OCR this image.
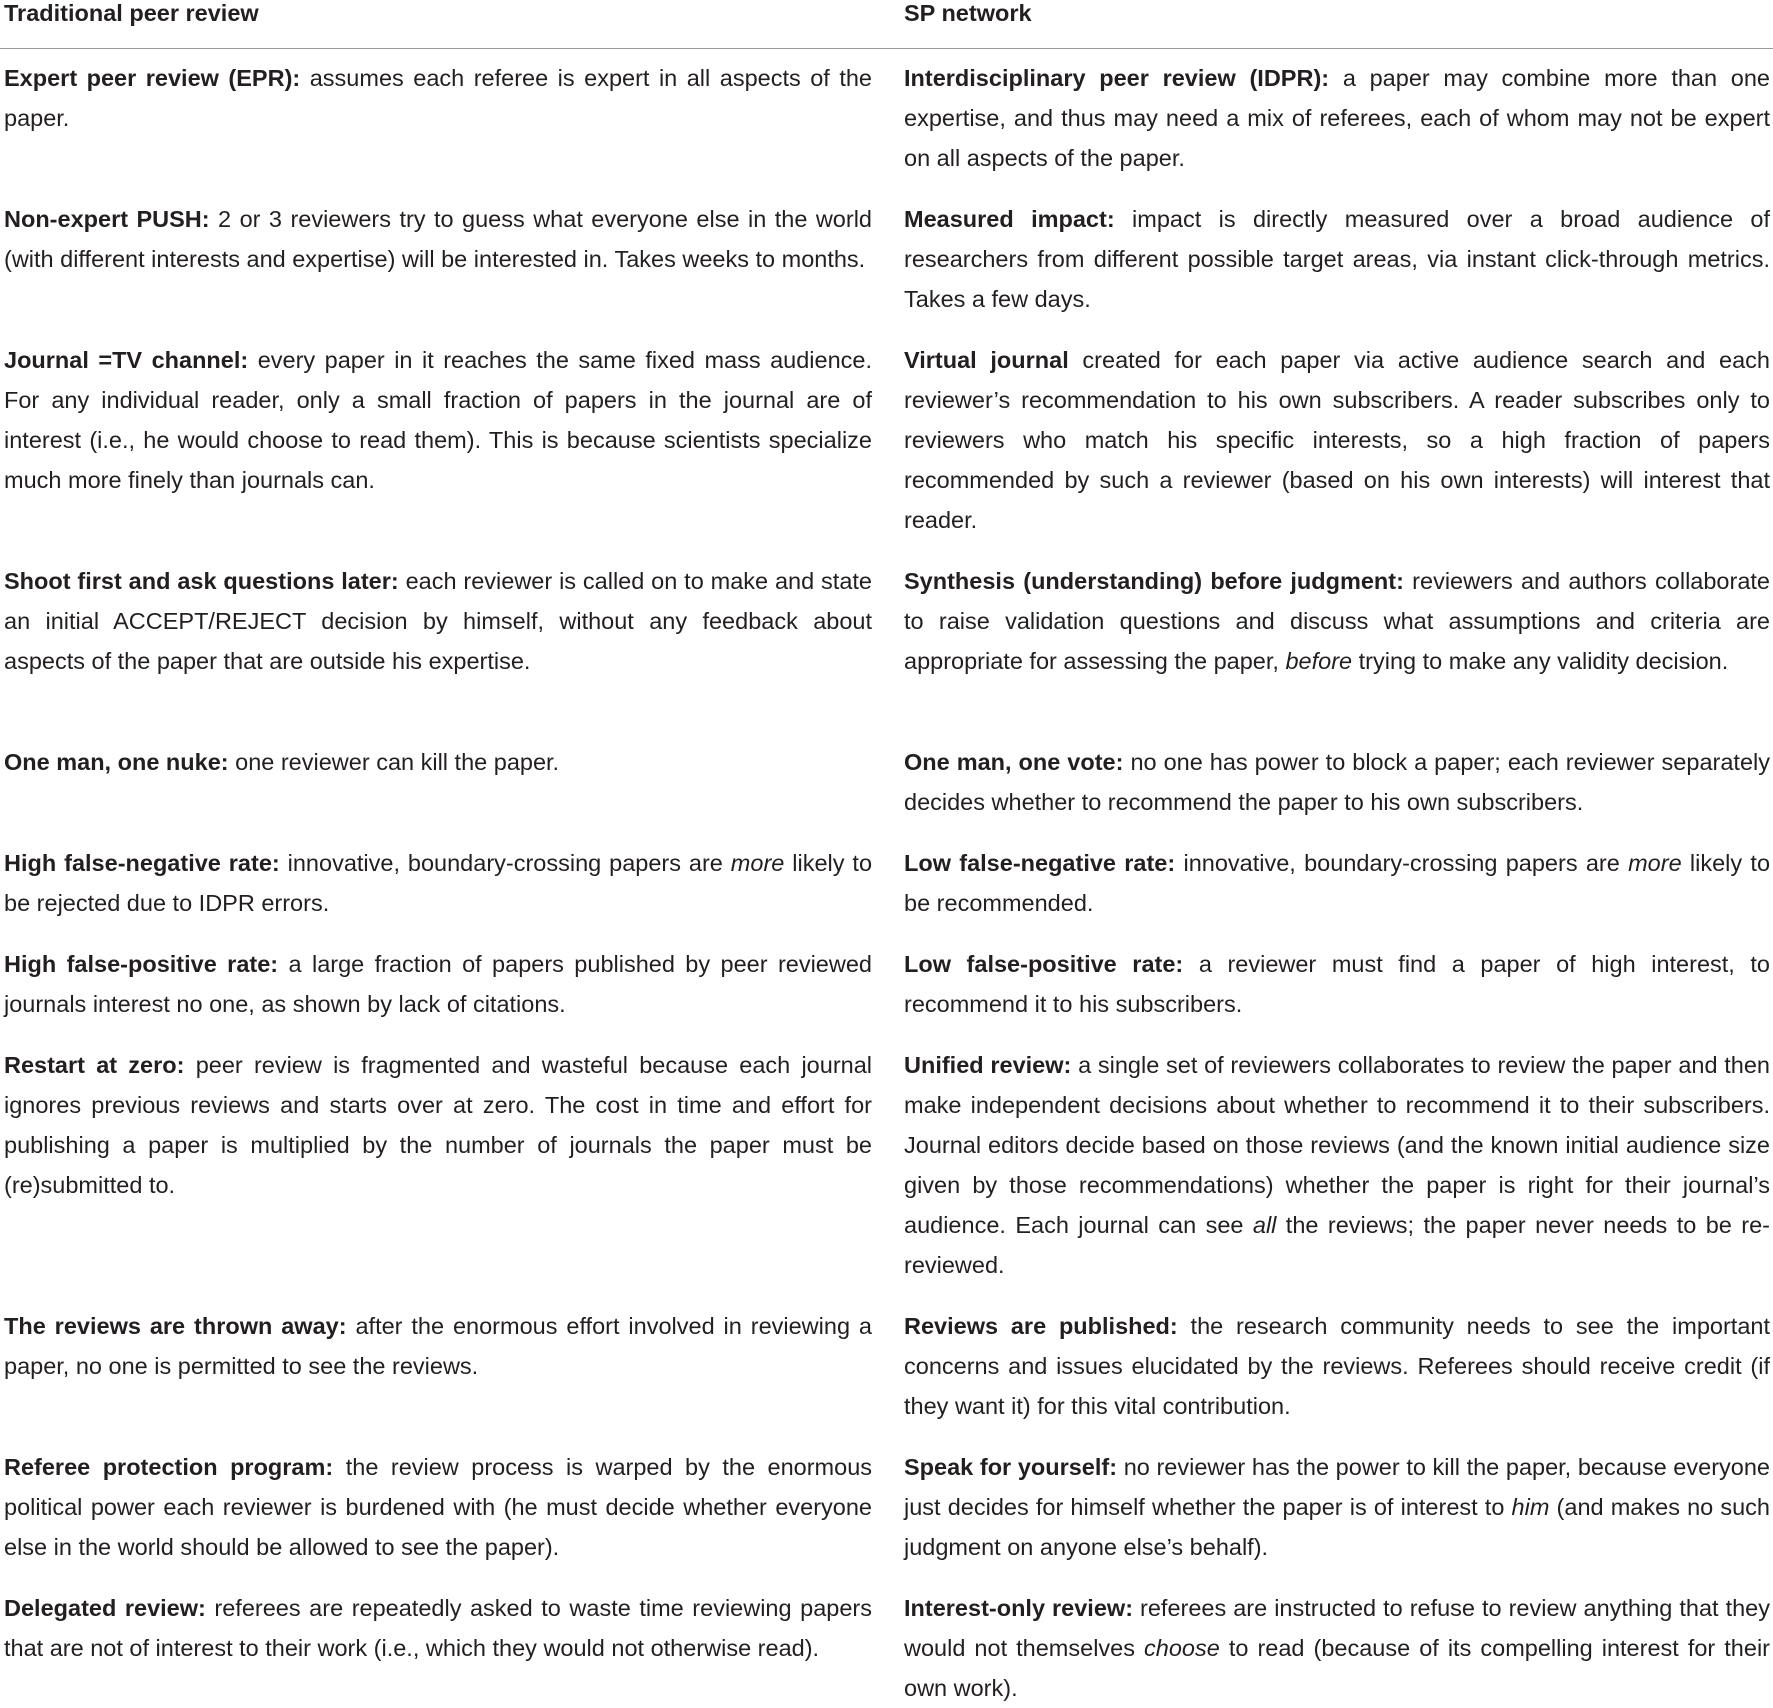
Traditional peer review	SP network
Expert peer review (EPR): assumes each referee is expert in all aspects of the paper.
Interdisciplinary peer review (IDPR): a paper may combine more than one expertise, and thus may need a mix of referees, each of whom may not be expert on all aspects of the paper.
Non-expert PUSH: 2 or 3 reviewers try to guess what everyone else in the world (with different interests and expertise) will be interested in. Takes weeks to months.
Measured impact: impact is directly measured over a broad audience of researchers from different possible target areas, via instant click-through metrics. Takes a few days.
Journal =TV channel: every paper in it reaches the same fixed mass audience. For any individual reader, only a small fraction of papers in the journal are of interest (i.e., he would choose to read them). This is because scientists specialize much more finely than journals can.
Virtual journal created for each paper via active audience search and each reviewer’s recommendation to his own subscribers. A reader subscribes only to reviewers who match his specific interests, so a high fraction of papers recommended by such a reviewer (based on his own interests) will interest that reader.
Shoot first and ask questions later: each reviewer is called on to make and state an initial ACCEPT/REJECT decision by himself, without any feedback about aspects of the paper that are outside his expertise.
Synthesis (understanding) before judgment: reviewers and authors collaborate to raise validation questions and discuss what assumptions and criteria are appropriate for assessing the paper, before trying to make any validity decision.
One man, one nuke: one reviewer can kill the paper.	One man, one vote: no one has power to block a paper; each reviewer separately decides whether to recommend the paper to his own subscribers.
High false-negative rate: innovative, boundary-crossing papers are more likely to be rejected due to IDPR errors.
Low false-negative rate: innovative, boundary-crossing papers are more likely to be recommended.
High false-positive rate: a large fraction of papers published by peer reviewed journals interest no one, as shown by lack of citations.
Low false-positive rate: a reviewer must find a paper of high interest, to recommend it to his subscribers.
Restart at zero: peer review is fragmented and wasteful because each journal ignores previous reviews and starts over at zero. The cost in time and effort for publishing a paper is multiplied by the number of journals the paper must be (re)submitted to.
Unified review: a single set of reviewers collaborates to review the paper and then make independent decisions about whether to recommend it to their subscribers. Journal editors decide based on those reviews (and the known initial audience size given by those recommendations) whether the paper is right for their journal’s audience. Each journal can see all the reviews; the paper never needs to be re-reviewed.
The reviews are thrown away: after the enormous effort involved in reviewing a paper, no one is permitted to see the reviews.
Reviews are published: the research community needs to see the important concerns and issues elucidated by the reviews. Referees should receive credit (if they want it) for this vital contribution.
Referee protection program: the review process is warped by the enormous political power each reviewer is burdened with (he must decide whether everyone else in the world should be allowed to see the paper).
Speak for yourself: no reviewer has the power to kill the paper, because everyone just decides for himself whether the paper is of interest to him (and makes no such judgment on anyone else’s behalf).
Delegated review: referees are repeatedly asked to waste time reviewing papers that are not of interest to their work (i.e., which they would not otherwise read).
Interest-only review: referees are instructed to refuse to review anything that they would not themselves choose to read (because of its compelling interest for their own work).
